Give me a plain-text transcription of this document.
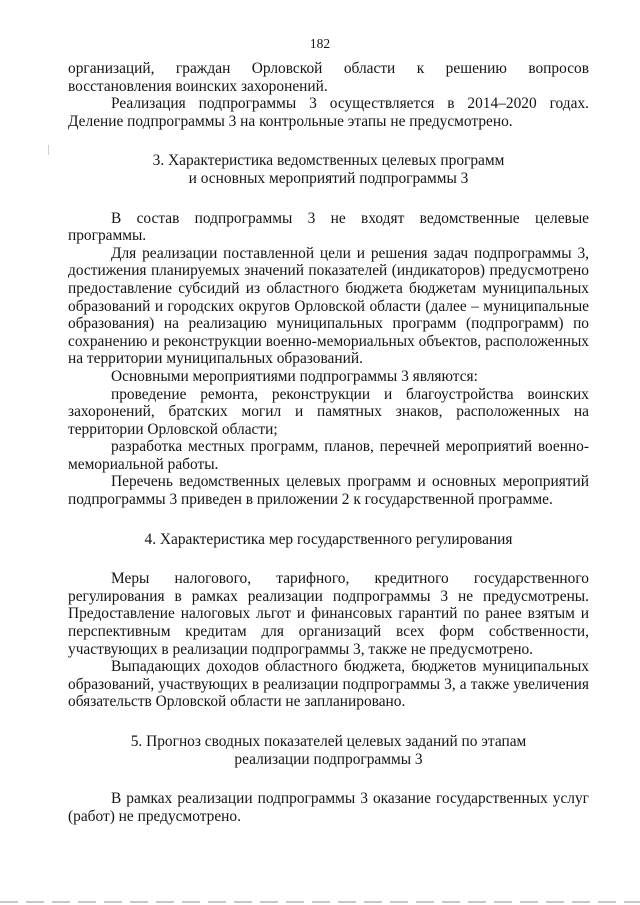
182

организаций, граждан Орловской области к решению вопросов восстановления воинских захоронений.

Реализация подпрограммы 3 осуществляется в 2014–2020 годах. Деление подпрограммы 3 на контрольные этапы не предусмотрено.

3. Характеристика ведомственных целевых программ

и основных мероприятий подпрограммы 3

В состав подпрограммы 3 не входят ведомственные целевые программы.

Для реализации поставленной цели и решения задач подпрограммы 3, достижения планируемых значений показателей (индикаторов) предусмотрено предоставление субсидий из областного бюджета бюджетам муниципальных образований и городских округов Орловской области (далее – муниципальные образования) на реализацию муниципальных программ (подпрограмм) по сохранению и реконструкции военно-мемориальных объектов, расположенных на территории муниципальных образований.

Основными мероприятиями подпрограммы 3 являются:

проведение ремонта, реконструкции и благоустройства воинских захоронений, братских могил и памятных знаков, расположенных на территории Орловской области;

разработка местных программ, планов, перечней мероприятий военно-мемориальной работы.

Перечень ведомственных целевых программ и основных мероприятий подпрограммы 3 приведен в приложении 2 к государственной программе.

4. Характеристика мер государственного регулирования

Меры налогового, тарифного, кредитного государственного регулирования в рамках реализации подпрограммы 3 не предусмотрены. Предоставление налоговых льгот и финансовых гарантий по ранее взятым и перспективным кредитам для организаций всех форм собственности, участвующих в реализации подпрограммы 3, также не предусмотрено.

Выпадающих доходов областного бюджета, бюджетов муниципальных образований, участвующих в реализации подпрограммы 3, а также увеличения обязательств Орловской области не запланировано.

5. Прогноз сводных показателей целевых заданий по этапам

реализации подпрограммы 3

В рамках реализации подпрограммы 3 оказание государственных услуг (работ) не предусмотрено.
